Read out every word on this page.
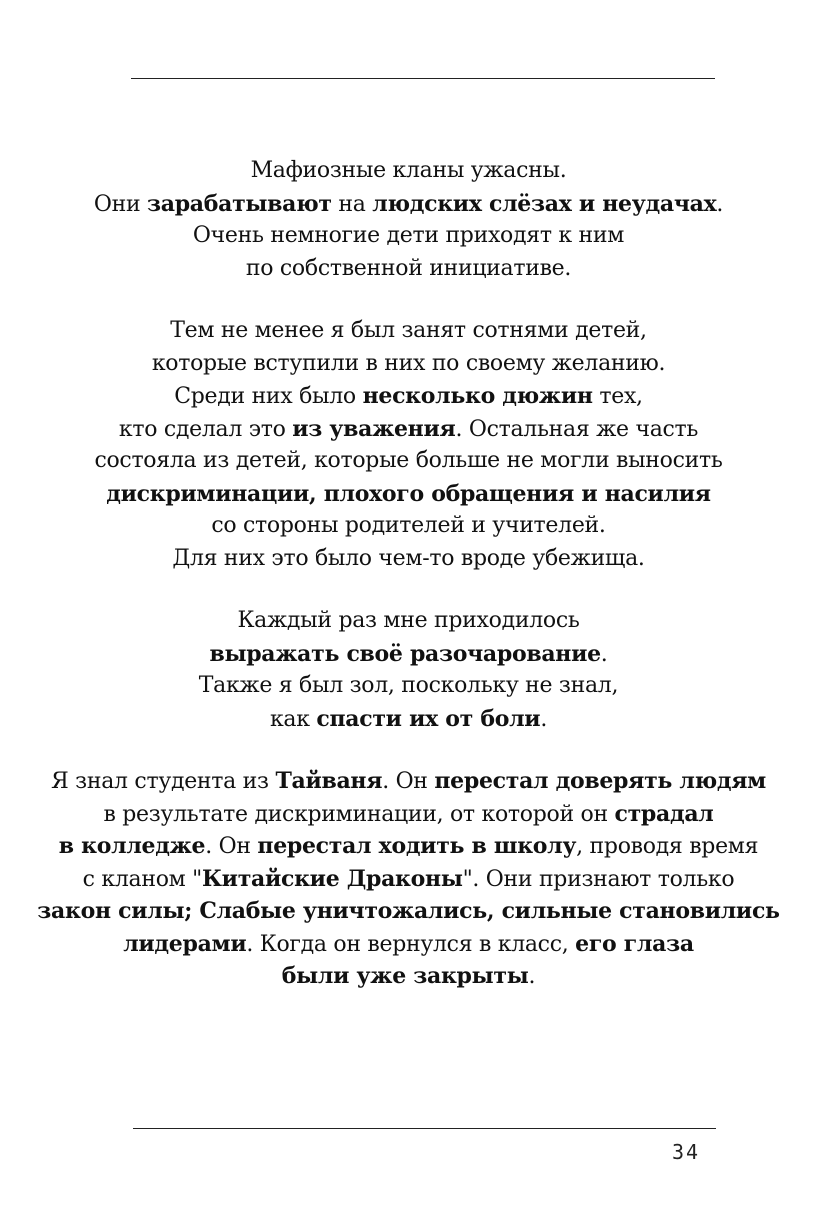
Мафиозные кланы ужасны.
Они зарабатывают на людских слёзах и неудачах.
Очень немногие дети приходят к ним
по собственной инициативе.
Тем не менее я был занят сотнями детей,
которые вступили в них по своему желанию.
Среди них было несколько дюжин тех,
кто сделал это из уважения. Остальная же часть
состояла из детей, которые больше не могли выносить
дискриминации, плохого обращения и насилия
со стороны родителей и учителей.
Для них это было чем-то вроде убежища.
Каждый раз мне приходилось
выражать своё разочарование.
Также я был зол, поскольку не знал,
как спасти их от боли.
Я знал студента из Тайваня. Он перестал доверять людям
в результате дискриминации, от которой он страдал
в колледже. Он перестал ходить в школу, проводя время
с кланом "Китайские Драконы". Они признают только
закон силы; Слабые уничтожались, сильные становились
лидерами. Когда он вернулся в класс, его глаза
были уже закрыты.
34
